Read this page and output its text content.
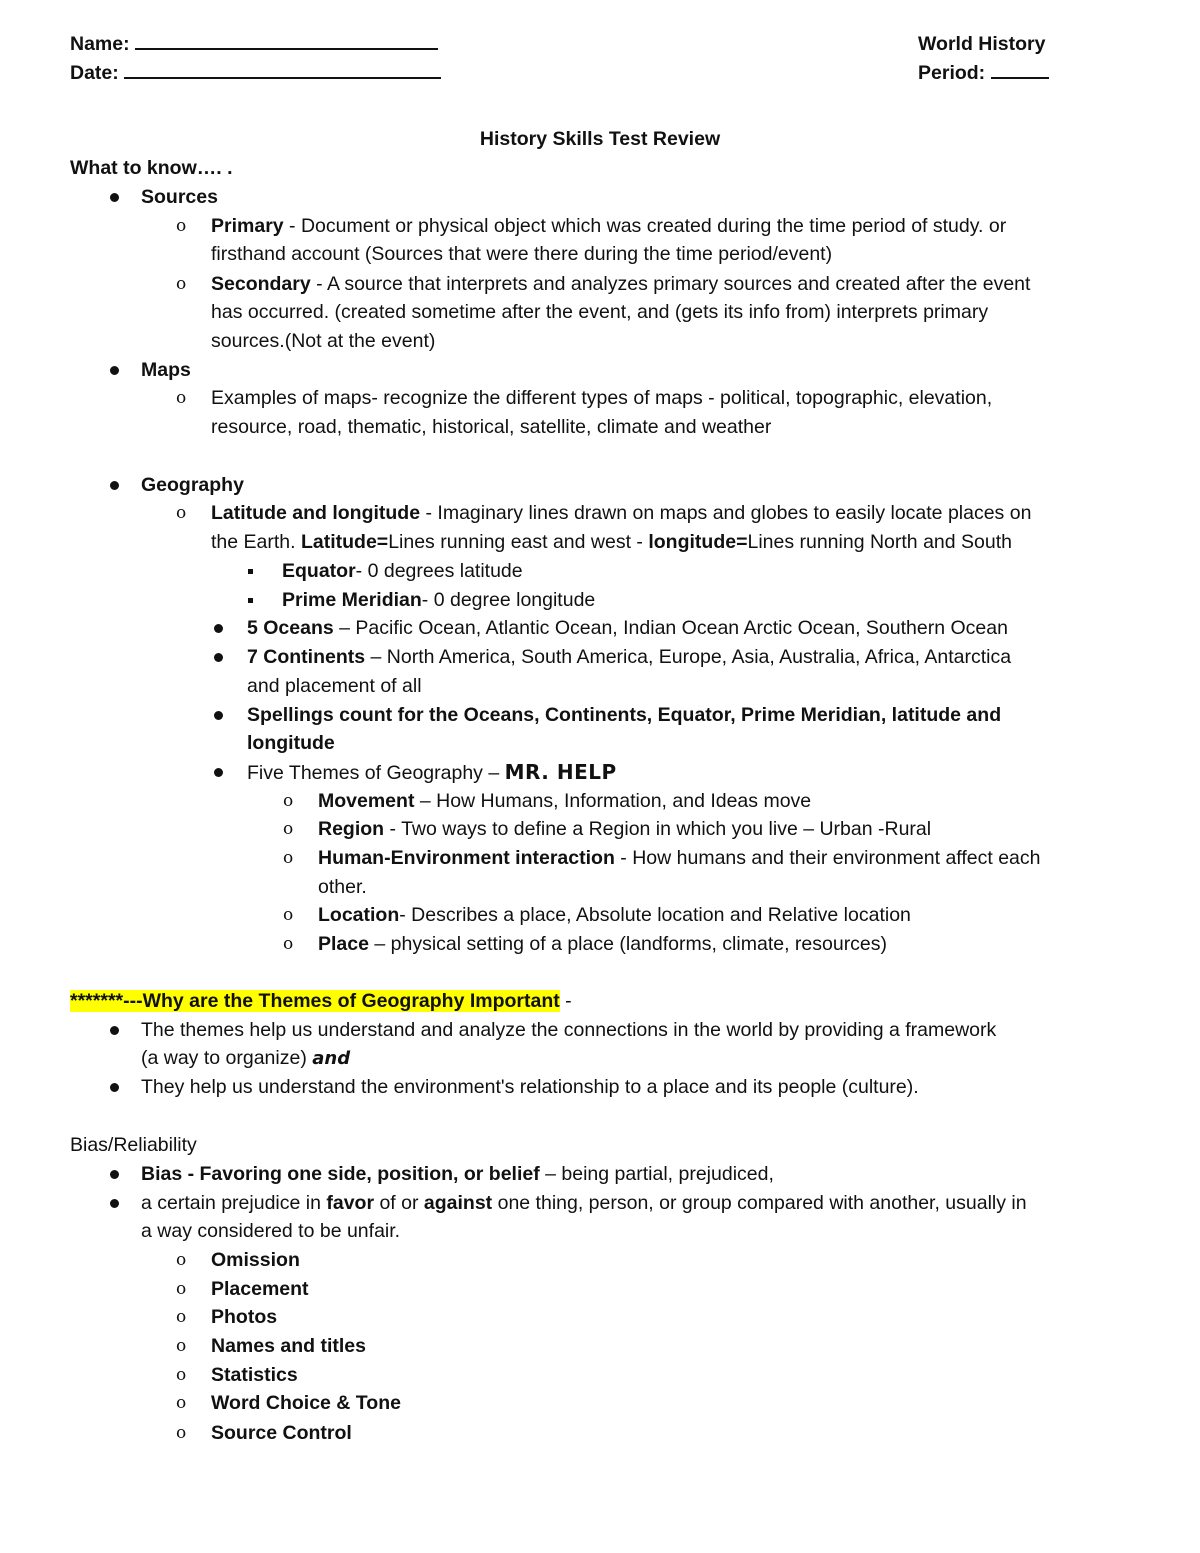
Name:
Date:
World History
Period:
History Skills Test Review
What to know…. .
Sources
o Primary - Document or physical object which was created during the time period of study. or
firsthand account (Sources that were there during the time period/event)
o Secondary - A source that interprets and analyzes primary sources and created after the event
has occurred. (created sometime after the event, and (gets its info from) interprets primary
sources.(Not at the event)
Maps
o Examples of maps- recognize the different types of maps - political, topographic, elevation,
resource, road, thematic, historical, satellite, climate and weather
Geography
o Latitude and longitude - Imaginary lines drawn on maps and globes to easily locate places on
the Earth. Latitude=Lines running east and west - longitude=Lines running North and South
Equator- 0 degrees latitude
Prime Meridian- 0 degree longitude
5 Oceans – Pacific Ocean, Atlantic Ocean, Indian Ocean Arctic Ocean, Southern Ocean
7 Continents – North America, South America, Europe, Asia, Australia, Africa, Antarctica
and placement of all
Spellings count for the Oceans, Continents, Equator, Prime Meridian, latitude and
longitude
Five Themes of Geography – MR. HELP
o Movement – How Humans, Information, and Ideas move
o Region - Two ways to define a Region in which you live – Urban -Rural
o Human-Environment interaction - How humans and their environment affect each
other.
o Location- Describes a place, Absolute location and Relative location
o Place – physical setting of a place (landforms, climate, resources)
*******---Why are the Themes of Geography Important -
The themes help us understand and analyze the connections in the world by providing a framework
(a way to organize) and
They help us understand the environment's relationship to a place and its people (culture).
Bias/Reliability
Bias - Favoring one side, position, or belief – being partial, prejudiced,
a certain prejudice in favor of or against one thing, person, or group compared with another, usually in
a way considered to be unfair.
o Omission
o Placement
o Photos
o Names and titles
o Statistics
o Word Choice & Tone
o Source Control
